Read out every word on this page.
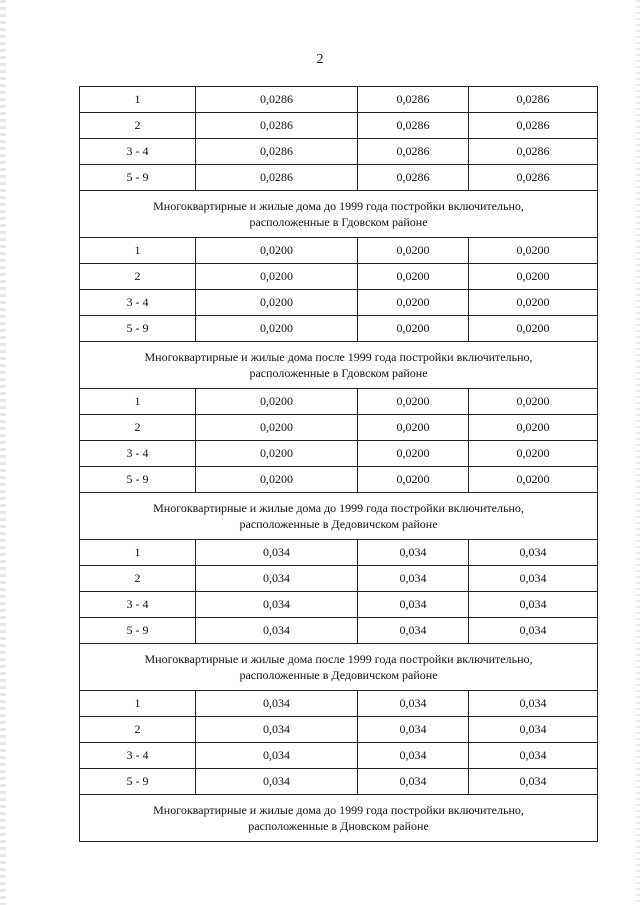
2
1	0,0286	0,0286	0,0286
2	0,0286	0,0286	0,0286
3 - 4	0,0286	0,0286	0,0286
5 - 9	0,0286	0,0286	0,0286

Многоквартирные и жилые дома до 1999 года постройки включительно,
расположенные в Гдовском районе			

1	0,0200	0,0200	0,0200
2	0,0200	0,0200	0,0200
3 - 4	0,0200	0,0200	0,0200
5 - 9	0,0200	0,0200	0,0200

Многоквартирные и жилые дома после 1999 года постройки включительно,
расположенные в Гдовском районе			

1	0,0200	0,0200	0,0200
2	0,0200	0,0200	0,0200
3 - 4	0,0200	0,0200	0,0200
5 - 9	0,0200	0,0200	0,0200

Многоквартирные и жилые дома до 1999 года постройки включительно,
расположенные в Дедовичском районе			

1	0,034	0,034	0,034
2	0,034	0,034	0,034
3 - 4	0,034	0,034	0,034
5 - 9	0,034	0,034	0,034

Многоквартирные и жилые дома после 1999 года постройки включительно,
расположенные в Дедовичском районе			

1	0,034	0,034	0,034
2	0,034	0,034	0,034
3 - 4	0,034	0,034	0,034
5 - 9	0,034	0,034	0,034

Многоквартирные и жилые дома до 1999 года постройки включительно,
расположенные в Дновском районе			
